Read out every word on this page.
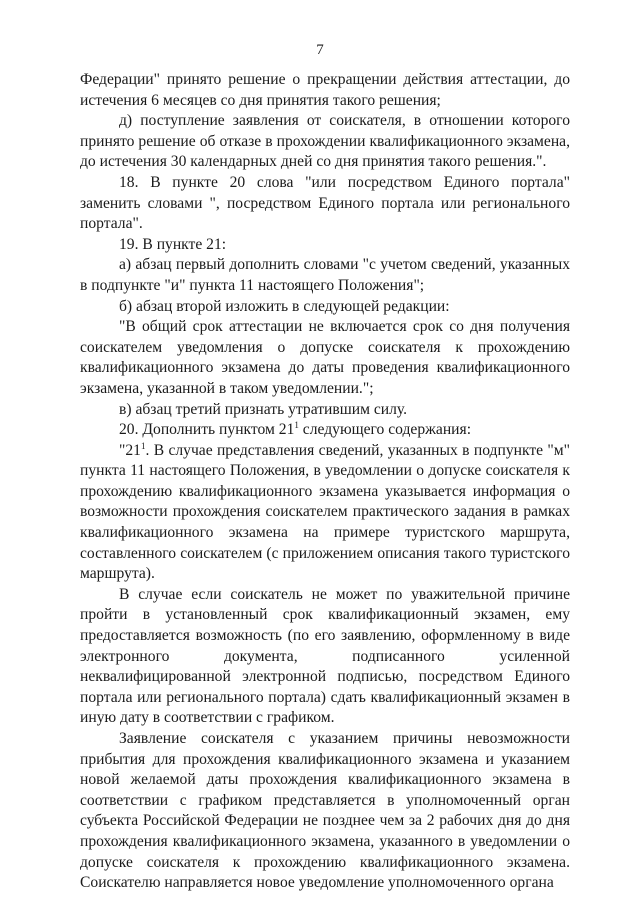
7

Федерации" принято решение о прекращении действия аттестации, до истечения 6 месяцев со дня принятия такого решения;

д) поступление заявления от соискателя, в отношении которого принято решение об отказе в прохождении квалификационного экзамена, до истечения 30 календарных дней со дня принятия такого решения.".

18. В пункте 20 слова "или посредством Единого портала" заменить словами ", посредством Единого портала или регионального портала".

19. В пункте 21:

а) абзац первый дополнить словами "с учетом сведений, указанных в подпункте "и" пункта 11 настоящего Положения";

б) абзац второй изложить в следующей редакции:

"В общий срок аттестации не включается срок со дня получения соискателем уведомления о допуске соискателя к прохождению квалификационного экзамена до даты проведения квалификационного экзамена, указанной в таком уведомлении.";

в) абзац третий признать утратившим силу.

20. Дополнить пунктом $21^1$ следующего содержания:

"$21^1$. В случае представления сведений, указанных в подпункте "м" пункта 11 настоящего Положения, в уведомлении о допуске соискателя к прохождению квалификационного экзамена указывается информация о возможности прохождения соискателем практического задания в рамках квалификационного экзамена на примере туристского маршрута, составленного соискателем (с приложением описания такого туристского маршрута).

В случае если соискатель не может по уважительной причине пройти в установленный срок квалификационный экзамен, ему предоставляется возможность (по его заявлению, оформленному в виде электронного документа, подписанного усиленной неквалифицированной электронной подписью, посредством Единого портала или регионального портала) сдать квалификационный экзамен в иную дату в соответствии с графиком.

Заявление соискателя с указанием причины невозможности прибытия для прохождения квалификационного экзамена и указанием новой желаемой даты прохождения квалификационного экзамена в соответствии с графиком представляется в уполномоченный орган субъекта Российской Федерации не позднее чем за 2 рабочих дня до дня прохождения квалификационного экзамена, указанного в уведомлении о допуске соискателя к прохождению квалификационного экзамена. Соискателю направляется новое уведомление уполномоченного органа
